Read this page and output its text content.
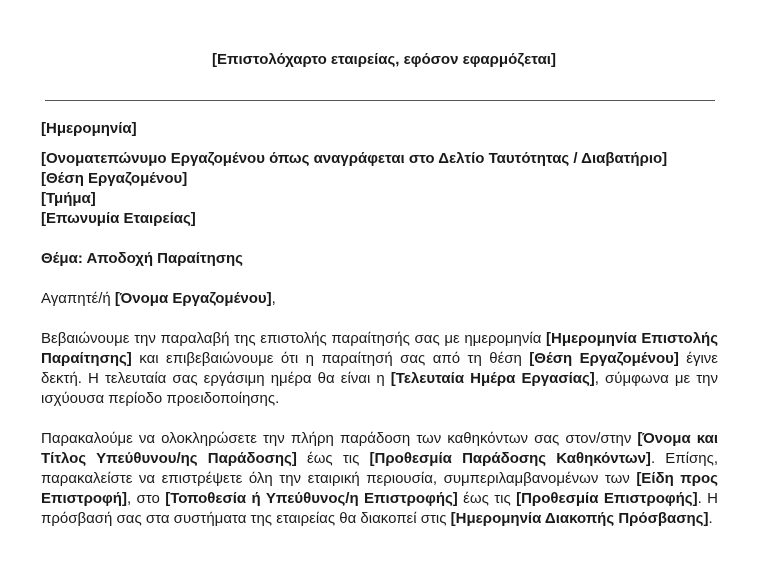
[Επιστολόχαρτο εταιρείας, εφόσον εφαρμόζεται]

[Ημερομηνία]

[Ονοματεπώνυμο Εργαζομένου όπως αναγράφεται στο Δελτίο Ταυτότητας / Διαβατήριο]

[Θέση Εργαζομένου]

[Τμήμα]

[Επωνυμία Εταιρείας]

Θέμα: Αποδοχή Παραίτησης

Αγαπητέ/ή [Όνομα Εργαζομένου],

Βεβαιώνουμε την παραλαβή της επιστολής παραίτησής σας με ημερομηνία [Ημερομηνία Επιστολής Παραίτησης] και επιβεβαιώνουμε ότι η παραίτησή σας από τη θέση [Θέση Εργαζομένου] έγινε δεκτή. Η τελευταία σας εργάσιμη ημέρα θα είναι η [Τελευταία Ημέρα Εργασίας], σύμφωνα με την ισχύουσα περίοδο προειδοποίησης.

Παρακαλούμε να ολοκληρώσετε την πλήρη παράδοση των καθηκόντων σας στον/στην [Όνομα και Τίτλος Υπεύθυνου/ης Παράδοσης] έως τις [Προθεσμία Παράδοσης Καθηκόντων]. Επίσης, παρακαλείστε να επιστρέψετε όλη την εταιρική περιουσία, συμπεριλαμβανομένων των [Είδη προς Επιστροφή], στο [Τοποθεσία ή Υπεύθυνος/η Επιστροφής] έως τις [Προθεσμία Επιστροφής]. Η πρόσβασή σας στα συστήματα της εταιρείας θα διακοπεί στις [Ημερομηνία Διακοπής Πρόσβασης].
